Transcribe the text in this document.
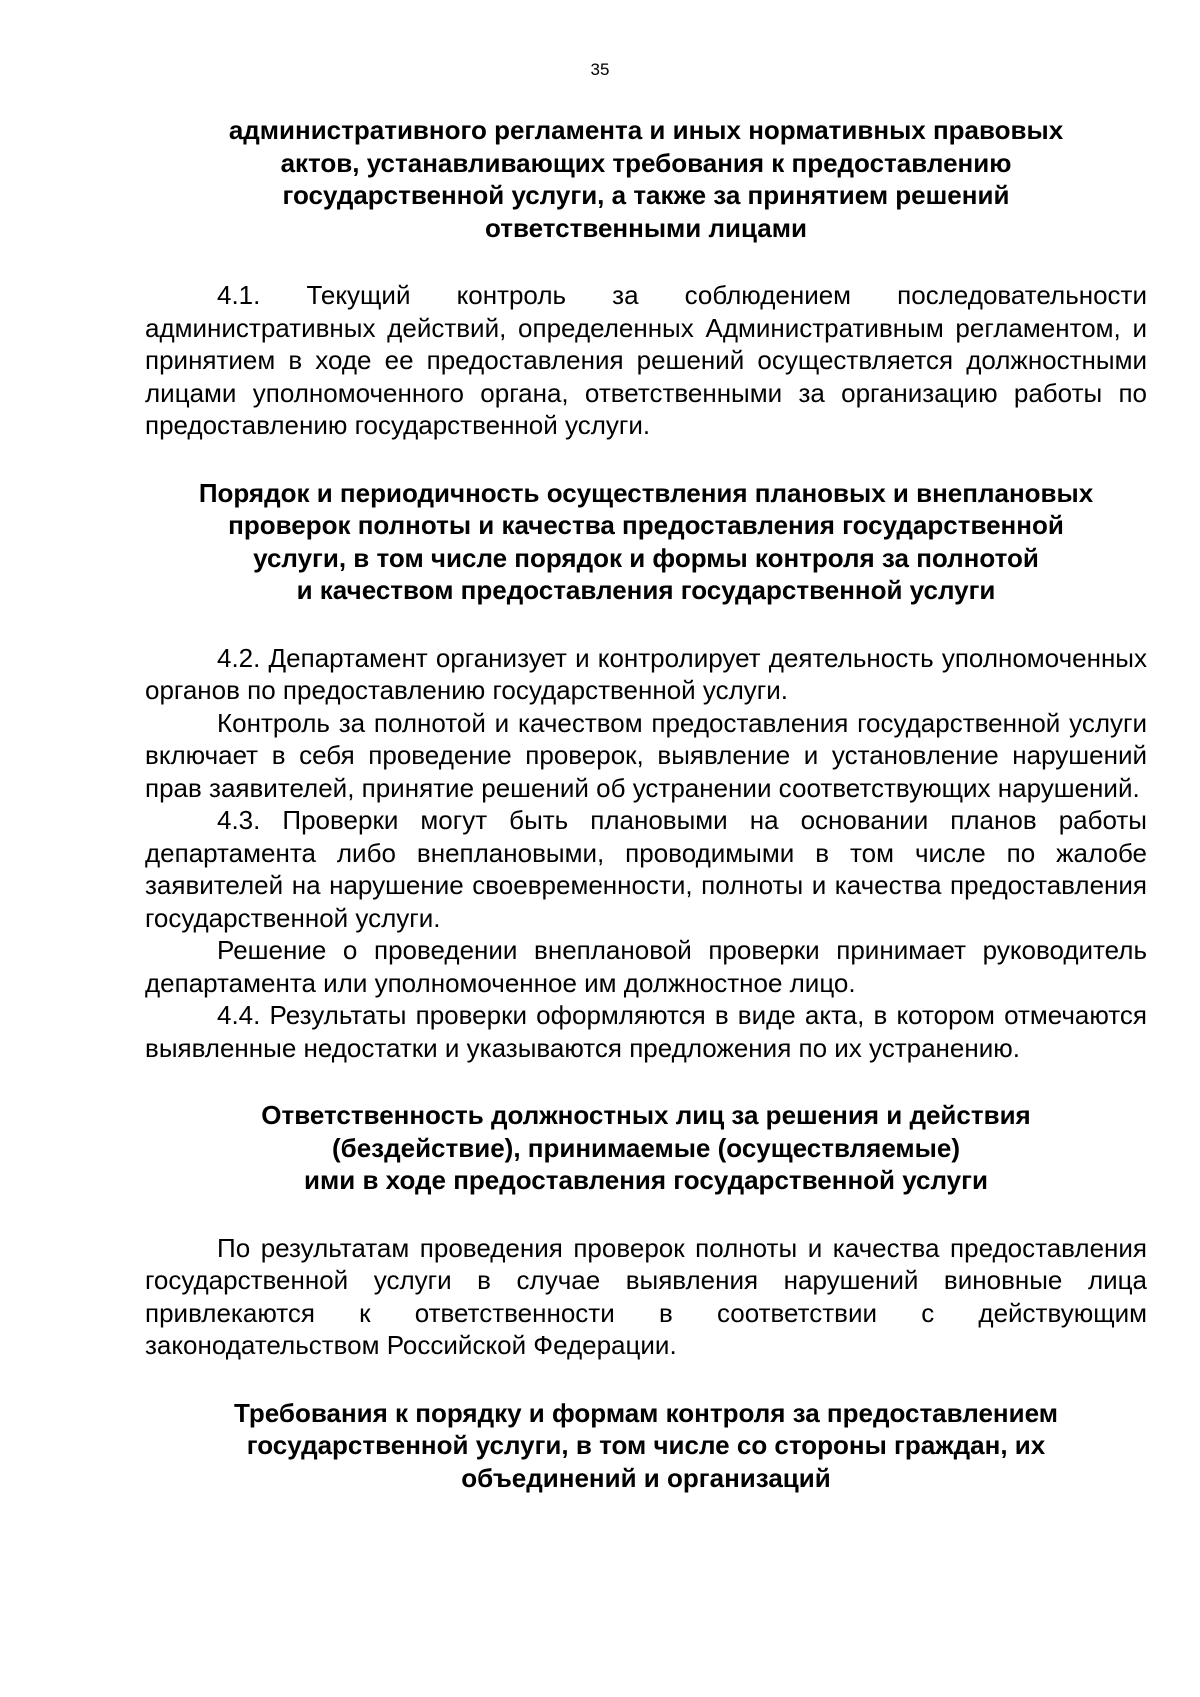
35
административного регламента и иных нормативных правовых
актов, устанавливающих требования к предоставлению
государственной услуги, а также за принятием решений
ответственными лицами

4.1. Текущий контроль за соблюдением последовательности административных действий, определенных Административным регламентом, и принятием в ходе ее предоставления решений осуществляется должностными лицами уполномоченного органа, ответственными за организацию работы по предоставлению государственной услуги.

Порядок и периодичность осуществления плановых и внеплановых
проверок полноты и качества предоставления государственной
услуги, в том числе порядок и формы контроля за полнотой
и качеством предоставления государственной услуги

4.2. Департамент организует и контролирует деятельность уполномоченных органов по предоставлению государственной услуги.

Контроль за полнотой и качеством предоставления государственной услуги включает в себя проведение проверок, выявление и установление нарушений прав заявителей, принятие решений об устранении соответствующих нарушений.

4.3. Проверки могут быть плановыми на основании планов работы департамента либо внеплановыми, проводимыми в том числе по жалобе заявителей на нарушение своевременности, полноты и качества предоставления государственной услуги.

Решение о проведении внеплановой проверки принимает руководитель департамента или уполномоченное им должностное лицо.

4.4. Результаты проверки оформляются в виде акта, в котором отмечаются выявленные недостатки и указываются предложения по их устранению.

Ответственность должностных лиц за решения и действия
(бездействие), принимаемые (осуществляемые)
ими в ходе предоставления государственной услуги

По результатам проведения проверок полноты и качества предоставления государственной услуги в случае выявления нарушений виновные лица привлекаются к ответственности в соответствии с действующим законодательством Российской Федерации.

Требования к порядку и формам контроля за предоставлением
государственной услуги, в том числе со стороны граждан, их
объединений и организаций
